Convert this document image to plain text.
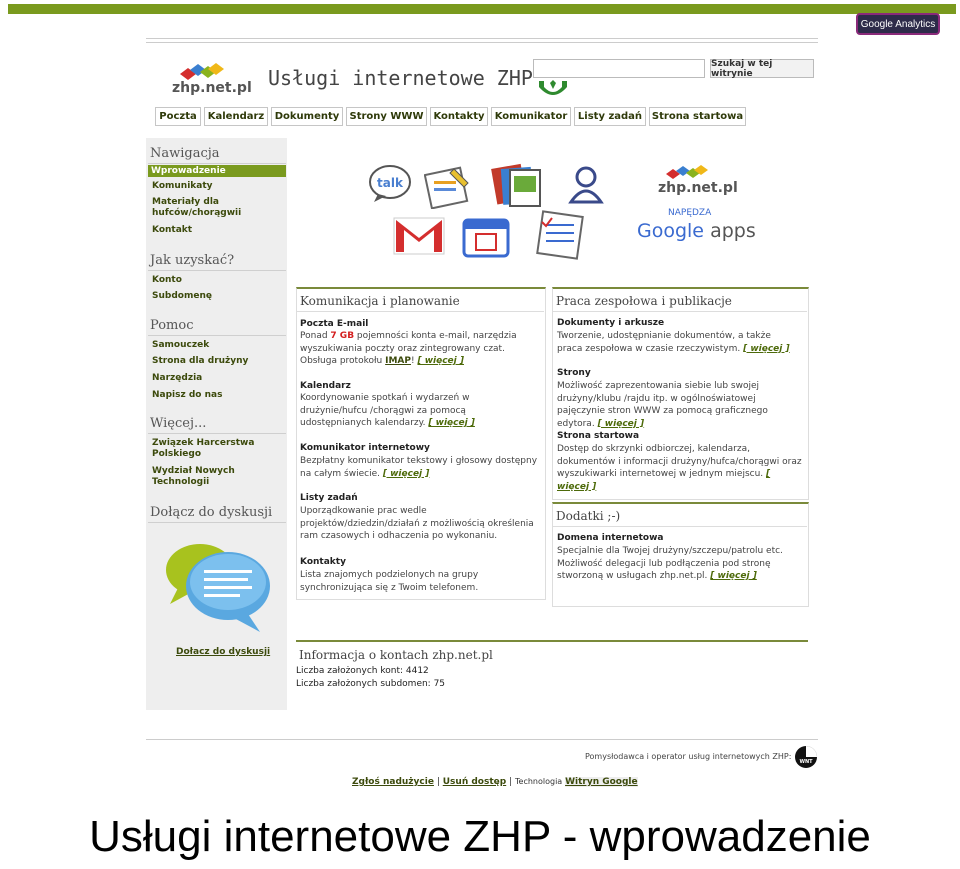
Google Analytics
zhp.net.pl Usługi internetowe ZHP
Szukaj w tej witrynie
Poczta	Kalendarz	Dokumenty	Strony WWW Kontakty	Komunikator	Listy zadań Strona startowa
Nawigacja
Wprowadzenie
Komunikaty
Materiały dla hufców/chorągwii
Kontakt
Jak uzyskać?
Konto
Subdomenę
Pomoc
Samouczek
Strona dla drużyny
Narzędzia
Napisz do nas
Więcej...
Związek Harcerstwa Polskiego
Wydział Nowych Technologii
Dołącz do dyskusji
Dołacz do dyskusji
talk	zhp.net.pl
NAPĘDZA
Google apps
Komunikacja i planowanie
Poczta E-mail
Ponad 7 GB pojemności konta e-mail, narzędzia wyszukiwania poczty oraz zintegrowany czat. Obsługa protokołu IMAP! [ więcej ]
Kalendarz
Koordynowanie spotkań i wydarzeń w drużynie/hufcu /chorągwi za pomocą udostępnianych kalendarzy. [ więcej ]
Komunikator internetowy
Bezpłatny komunikator tekstowy i głosowy dostępny na całym świecie. [ więcej ]
Listy zadań
Uporządkowanie prac wedle projektów/dziedzin/działań z możliwością określenia ram czasowych i odhaczenia po wykonaniu.
Kontakty
Lista znajomych podzielonych na grupy synchronizująca się z Twoim telefonem.
Praca zespołowa i publikacje
Dokumenty i arkusze
Tworzenie, udostępnianie dokumentów, a także praca zespołowa w czasie rzeczywistym. [ więcej ]
Strony
Możliwość zaprezentowania siebie lub swojej drużyny/klubu /rajdu itp. w ogólnoświatowej pajęczynie stron WWW za pomocą graficznego edytora. [ więcej ]
Strona startowa
Dostęp do skrzynki odbiorczej, kalendarza, dokumentów i informacji drużyny/hufca/chorągwi oraz wyszukiwarki internetowej w jednym miejscu. [ więcej ]
Dodatki ;-)
Domena internetowa
Specjalnie dla Twojej drużyny/szczepu/patrolu etc. Możliwość delegacji lub podłączenia pod stronę stworzoną w usługach zhp.net.pl. [ więcej ]
Informacja o kontach zhp.net.pl
Liczba założonych kont: 4412
Liczba założonych subdomen: 75
Pomysłodawca i operator usług internetowych ZHP:
WNT
Zgłoś nadużycie | Usuń dostęp | Technologia Witryn Google
Usługi internetowe ZHP - wprowadzenie
